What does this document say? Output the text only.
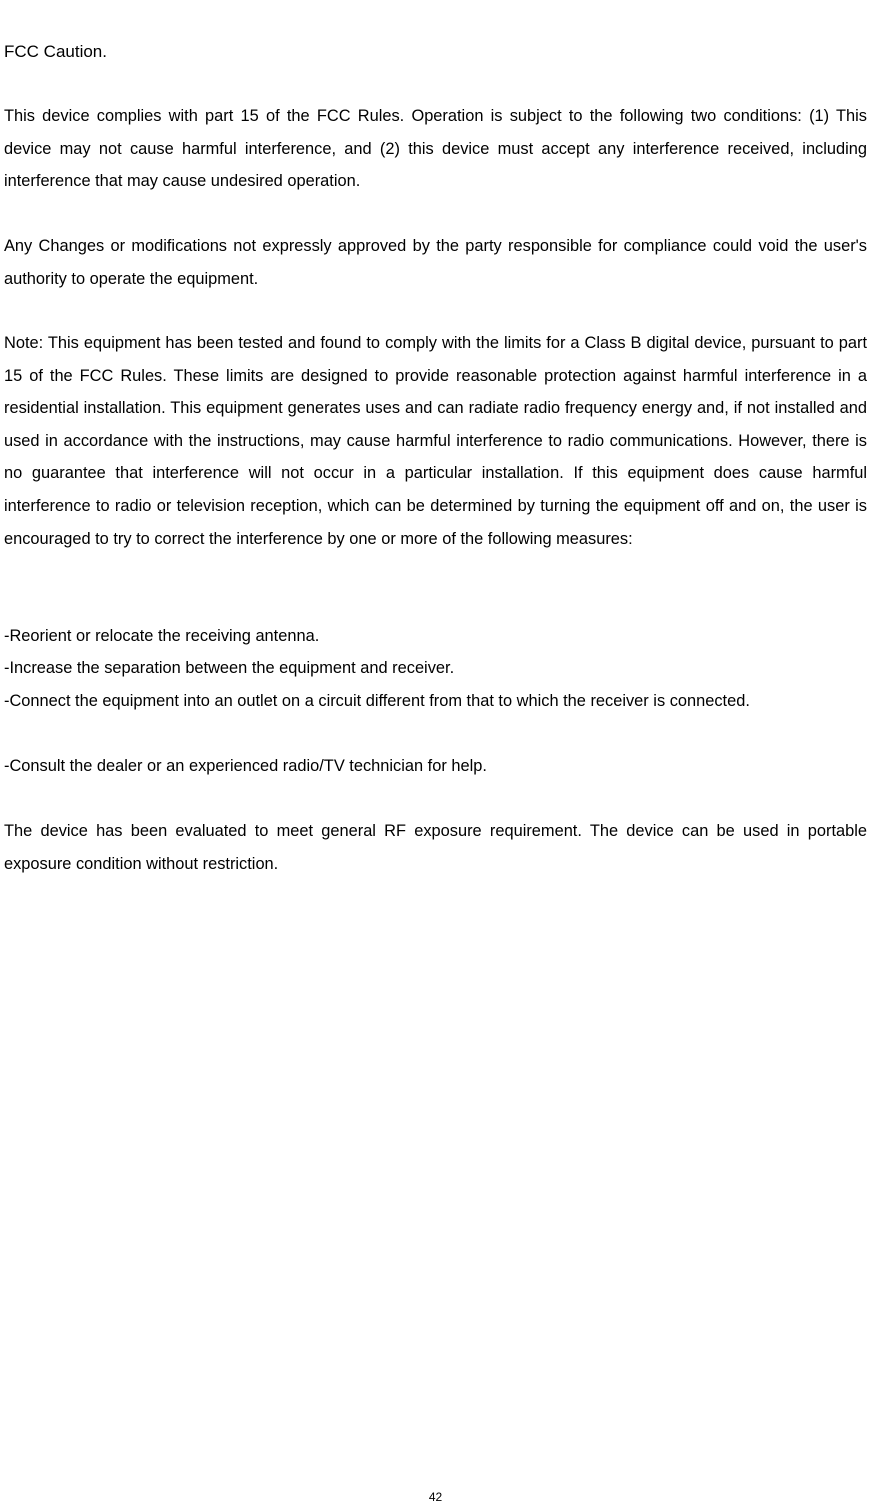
FCC Caution.

This device complies with part 15 of the FCC Rules. Operation is subject to the following two conditions: (1) This device may not cause harmful interference, and (2) this device must accept any interference received, including interference that may cause undesired operation.

Any Changes or modifications not expressly approved by the party responsible for compliance could void the user's authority to operate the equipment.

Note: This equipment has been tested and found to comply with the limits for a Class B digital device, pursuant to part 15 of the FCC Rules. These limits are designed to provide reasonable protection against harmful interference in a residential installation. This equipment generates uses and can radiate radio frequency energy and, if not installed and used in accordance with the instructions, may cause harmful interference to radio communications. However, there is no guarantee that interference will not occur in a particular installation. If this equipment does cause harmful interference to radio or television reception, which can be determined by turning the equipment off and on, the user is encouraged to try to correct the interference by one or more of the following measures:

-Reorient or relocate the receiving antenna.

-Increase the separation between the equipment and receiver.

-Connect the equipment into an outlet on a circuit different from that to which the receiver is connected.

-Consult the dealer or an experienced radio/TV technician for help.

The device has been evaluated to meet general RF exposure requirement. The device can be used in portable exposure condition without restriction.

42
